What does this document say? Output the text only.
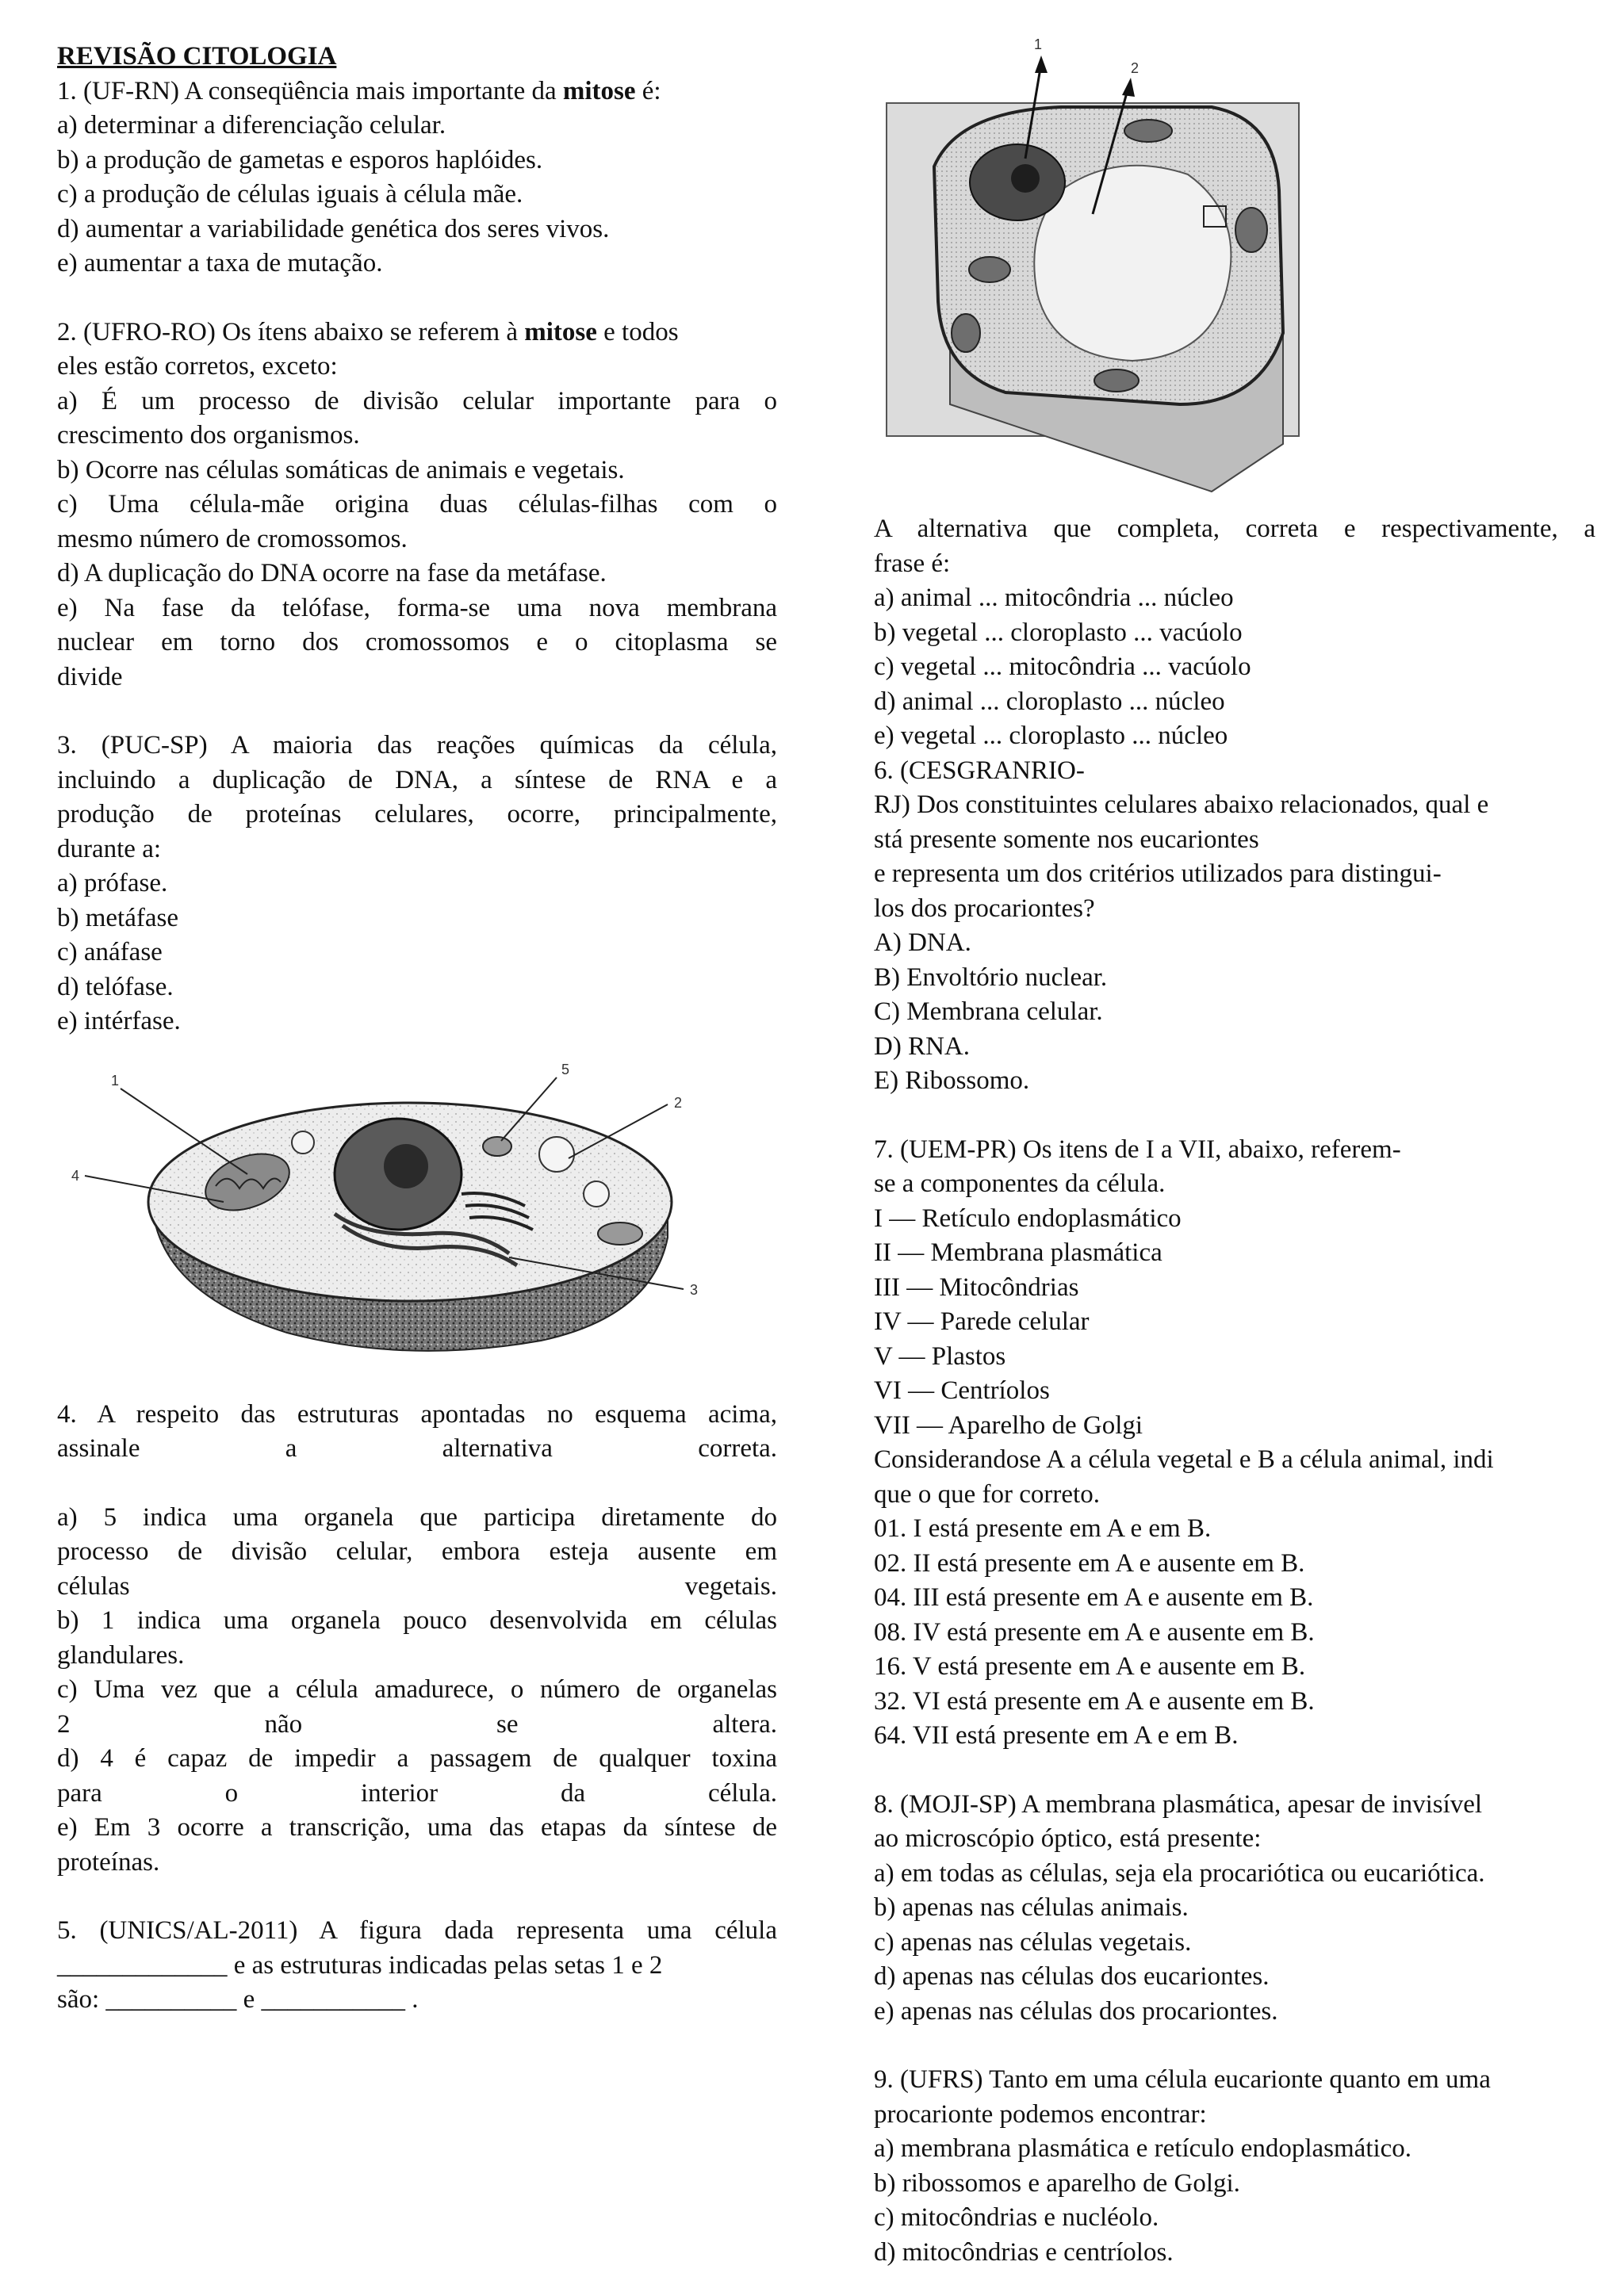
REVISÃO CITOLOGIA
1. (UF-RN) A conseqüência mais importante da mitose é:
a) determinar a diferenciação celular.
b) a produção de gametas e esporos haplóides.
c) a produção de células iguais à célula mãe.
d) aumentar a variabilidade genética dos seres vivos.
e) aumentar a taxa de mutação.
2. (UFRO-RO) Os ítens abaixo se referem à mitose e todos
eles estão corretos, exceto:
a) É um processo de divisão celular importante para o
crescimento dos organismos.
b) Ocorre nas células somáticas de animais e vegetais.
c) Uma célula-mãe origina duas células-filhas com o
mesmo número de cromossomos.
d) A duplicação do DNA ocorre na fase da metáfase.
e) Na fase da telófase, forma-se uma nova membrana
nuclear em torno dos cromossomos e o citoplasma se
divide
3. (PUC-SP) A maioria das reações químicas da célula,
incluindo a duplicação de DNA, a síntese de RNA e a
produção de proteínas celulares, ocorre, principalmente,
durante a:
a) prófase.
b) metáfase
c) anáfase
d) telófase.
e) intérfase.
1
2
3
4
5
4. A respeito das estruturas apontadas no esquema acima,
assinale	a	alternativa	correta.
a) 5 indica uma organela que participa diretamente do
processo de divisão celular, embora esteja ausente em
células	vegetais.
b) 1 indica uma organela pouco desenvolvida em células
glandulares.
c) Uma vez que a célula amadurece, o número de organelas
2	não	se	altera.
d) 4 é capaz de impedir a passagem de qualquer toxina
para	o	interior	da	célula.
e) Em 3 ocorre a transcrição, uma das etapas da síntese de
proteínas.
5. (UNICS/AL-2011) A figura dada representa uma célula
_____________ e as estruturas indicadas pelas setas 1 e 2
são: __________ e ___________ .
1
2
A alternativa que completa, correta e respectivamente, a
frase é:
a) animal ... mitocôndria ... núcleo
b) vegetal ... cloroplasto ... vacúolo
c) vegetal ... mitocôndria ... vacúolo
d) animal ... cloroplasto ... núcleo
e) vegetal ... cloroplasto ... núcleo
6. (CESGRANRIO-
RJ) Dos constituintes celulares abaixo relacionados, qual e
stá presente somente nos eucariontes
e representa um dos critérios utilizados para distingui-
los dos procariontes?
A) DNA.
B) Envoltório nuclear.
C) Membrana celular.
D) RNA.
E) Ribossomo.
7. (UEM-PR) Os itens de I a VII, abaixo, referem-
se a componentes da célula.
I — Retículo endoplasmático
II — Membrana plasmática
III — Mitocôndrias
IV — Parede celular
V — Plastos
VI — Centríolos
VII — Aparelho de Golgi
Considerandose A a célula vegetal e B a célula animal, indi
que o que for correto.
01. I está presente em A e em B.
02. II está presente em A e ausente em B.
04. III está presente em A e ausente em B.
08. IV está presente em A e ausente em B.
16. V está presente em A e ausente em B.
32. VI está presente em A e ausente em B.
64. VII está presente em A e em B.
8. (MOJI-SP) A membrana plasmática, apesar de invisível
ao microscópio óptico, está presente:
a) em todas as células, seja ela procariótica ou eucariótica.
b) apenas nas células animais.
c) apenas nas células vegetais.
d) apenas nas células dos eucariontes.
e) apenas nas células dos procariontes.
9. (UFRS) Tanto em uma célula eucarionte quanto em uma
procarionte podemos encontrar:
a) membrana plasmática e retículo endoplasmático.
b) ribossomos e aparelho de Golgi.
c) mitocôndrias e nucléolo.
d) mitocôndrias e centríolos.
